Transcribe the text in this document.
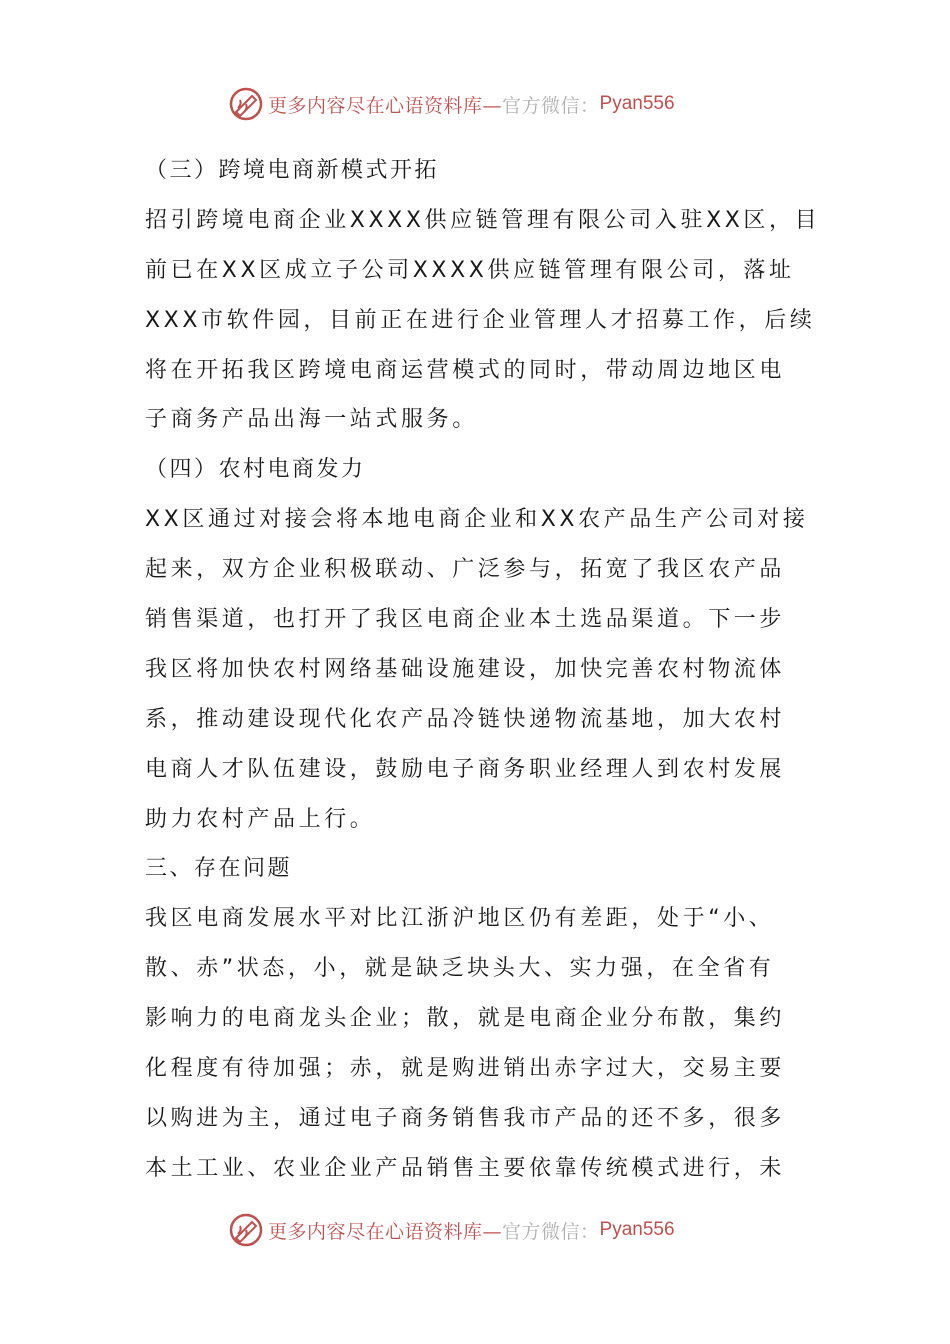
更多内容尽在心语资料库— 官方微信： Pyan556
（三）跨境电商新模式开拓
招引跨境电商企业XXXX供应链管理有限公司入驻XX区，目
前已在XX区成立子公司XXXX供应链管理有限公司，落址
XXX市软件园，目前正在进行企业管理人才招募工作，后续
将在开拓我区跨境电商运营模式的同时，带动周边地区电
子商务产品出海一站式服务。
（四）农村电商发力
XX区通过对接会将本地电商企业和XX农产品生产公司对接
起来，双方企业积极联动、广泛参与，拓宽了我区农产品
销售渠道，也打开了我区电商企业本土选品渠道。下一步
我区将加快农村网络基础设施建设，加快完善农村物流体
系，推动建设现代化农产品冷链快递物流基地，加大农村
电商人才队伍建设，鼓励电子商务职业经理人到农村发展
助力农村产品上行。
三、存在问题
我区电商发展水平对比江浙沪地区仍有差距，处于“小、
散、赤”状态，小，就是缺乏块头大、实力强，在全省有
影响力的电商龙头企业；散，就是电商企业分布散，集约
化程度有待加强；赤，就是购进销出赤字过大，交易主要
以购进为主，通过电子商务销售我市产品的还不多，很多
本土工业、农业企业产品销售主要依靠传统模式进行，未
更多内容尽在心语资料库— 官方微信： Pyan556
